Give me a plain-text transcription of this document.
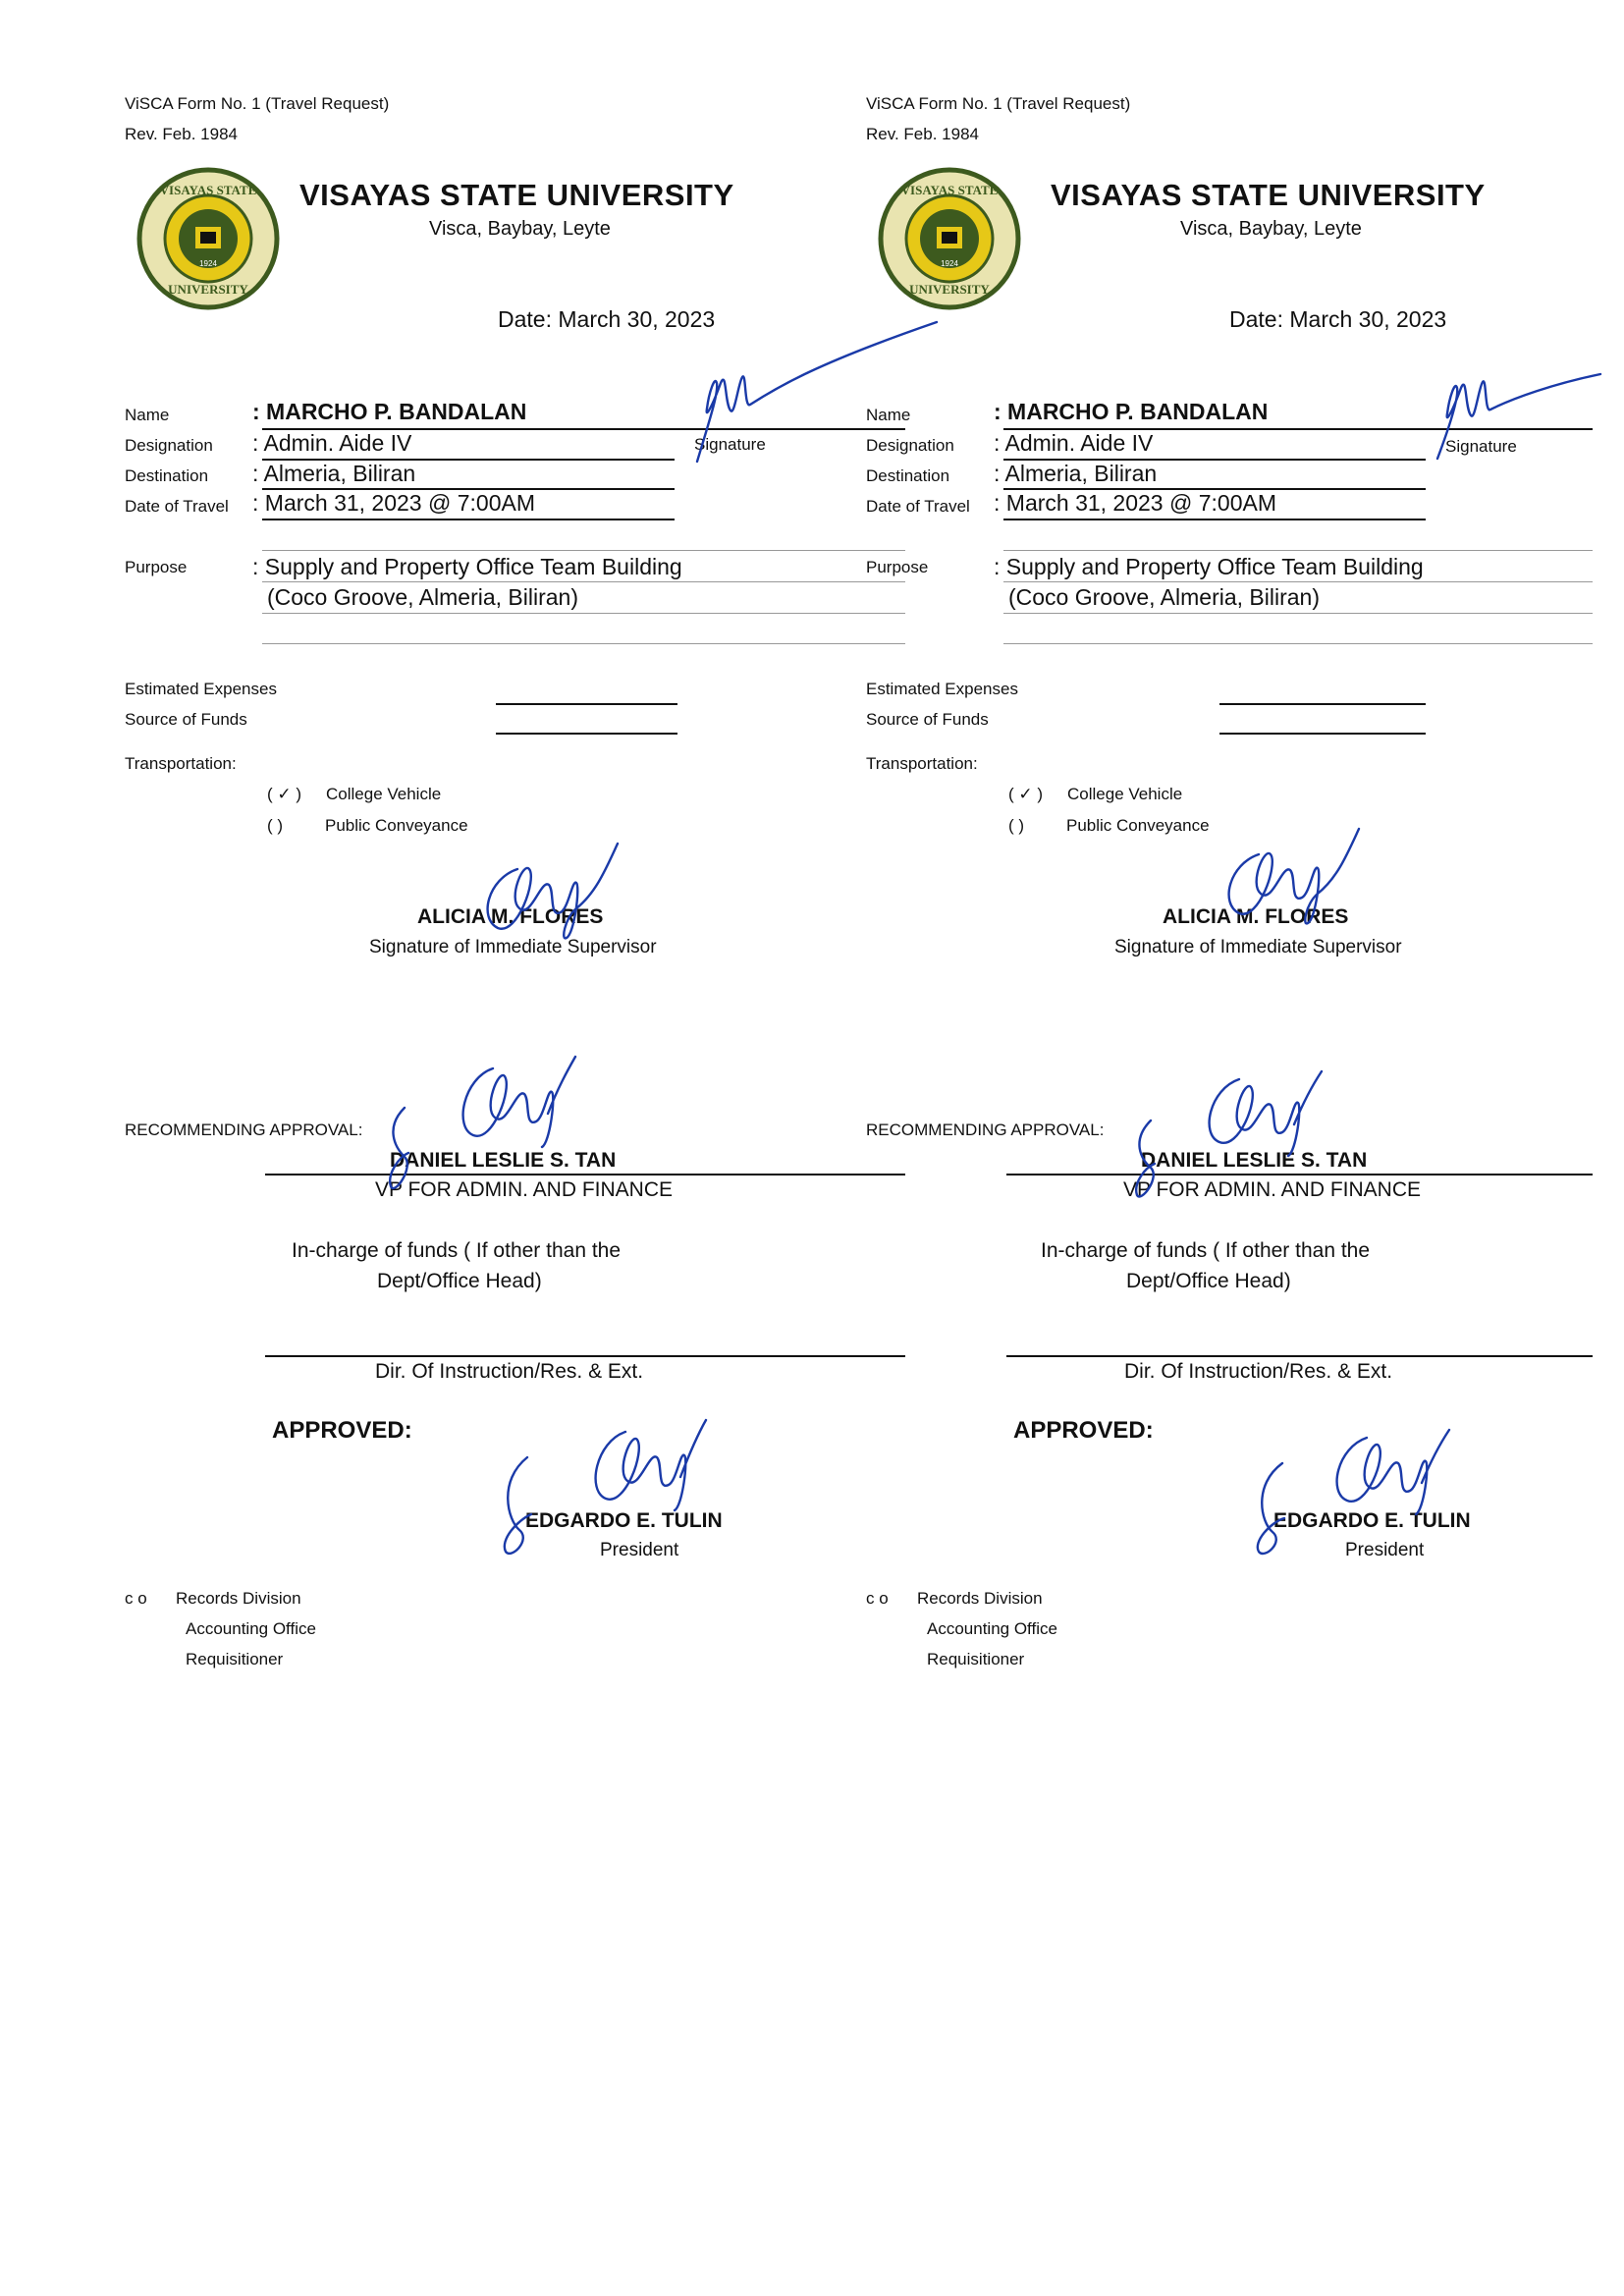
ViSCA Form No. 1 (Travel Request)
Rev. Feb. 1984
VISAYAS STATE
UNIVERSITY
1924
VISAYAS STATE UNIVERSITY
Visca, Baybay, Leyte
Date: March 30, 2023
Name	: MARCHO P. BANDALAN
Designation : Admin. Aide IV	Signature
Destination : Almeria, Biliran
Date of Travel : March 31, 2023 @ 7:00AM
Purpose	: Supply and Property Office Team Building
(Coco Groove, Almeria, Biliran)
Estimated Expenses
Source of Funds
Transportation:
( ✓ ) College Vehicle
( )	Public Conveyance
ALICIA M. FLORES
Signature of Immediate Supervisor
RECOMMENDING APPROVAL:
DANIEL LESLIE S. TAN
VP FOR ADMIN. AND FINANCE
In-charge of funds ( If other than the
Dept/Office Head)
Dir. Of Instruction/Res. & Ext.
APPROVED:
EDGARDO E. TULIN
President
c o Records Division
Accounting Office
Requisitioner
ViSCA Form No. 1 (Travel Request)
Rev. Feb. 1984
VISAYAS STATE
UNIVERSITY
1924
VISAYAS STATE UNIVERSITY
Visca, Baybay, Leyte
Date: March 30, 2023
Name	: MARCHO P. BANDALAN
Designation : Admin. Aide IV	Signature
Destination : Almeria, Biliran
Date of Travel : March 31, 2023 @ 7:00AM
Purpose	: Supply and Property Office Team Building
(Coco Groove, Almeria, Biliran)
Estimated Expenses
Source of Funds
Transportation:
( ✓ ) College Vehicle
( )	Public Conveyance
ALICIA M. FLORES
Signature of Immediate Supervisor
RECOMMENDING APPROVAL:
DANIEL LESLIE S. TAN
VP FOR ADMIN. AND FINANCE
In-charge of funds ( If other than the
Dept/Office Head)
Dir. Of Instruction/Res. & Ext.
APPROVED:
EDGARDO E. TULIN
President
c o Records Division
Accounting Office
Requisitioner
